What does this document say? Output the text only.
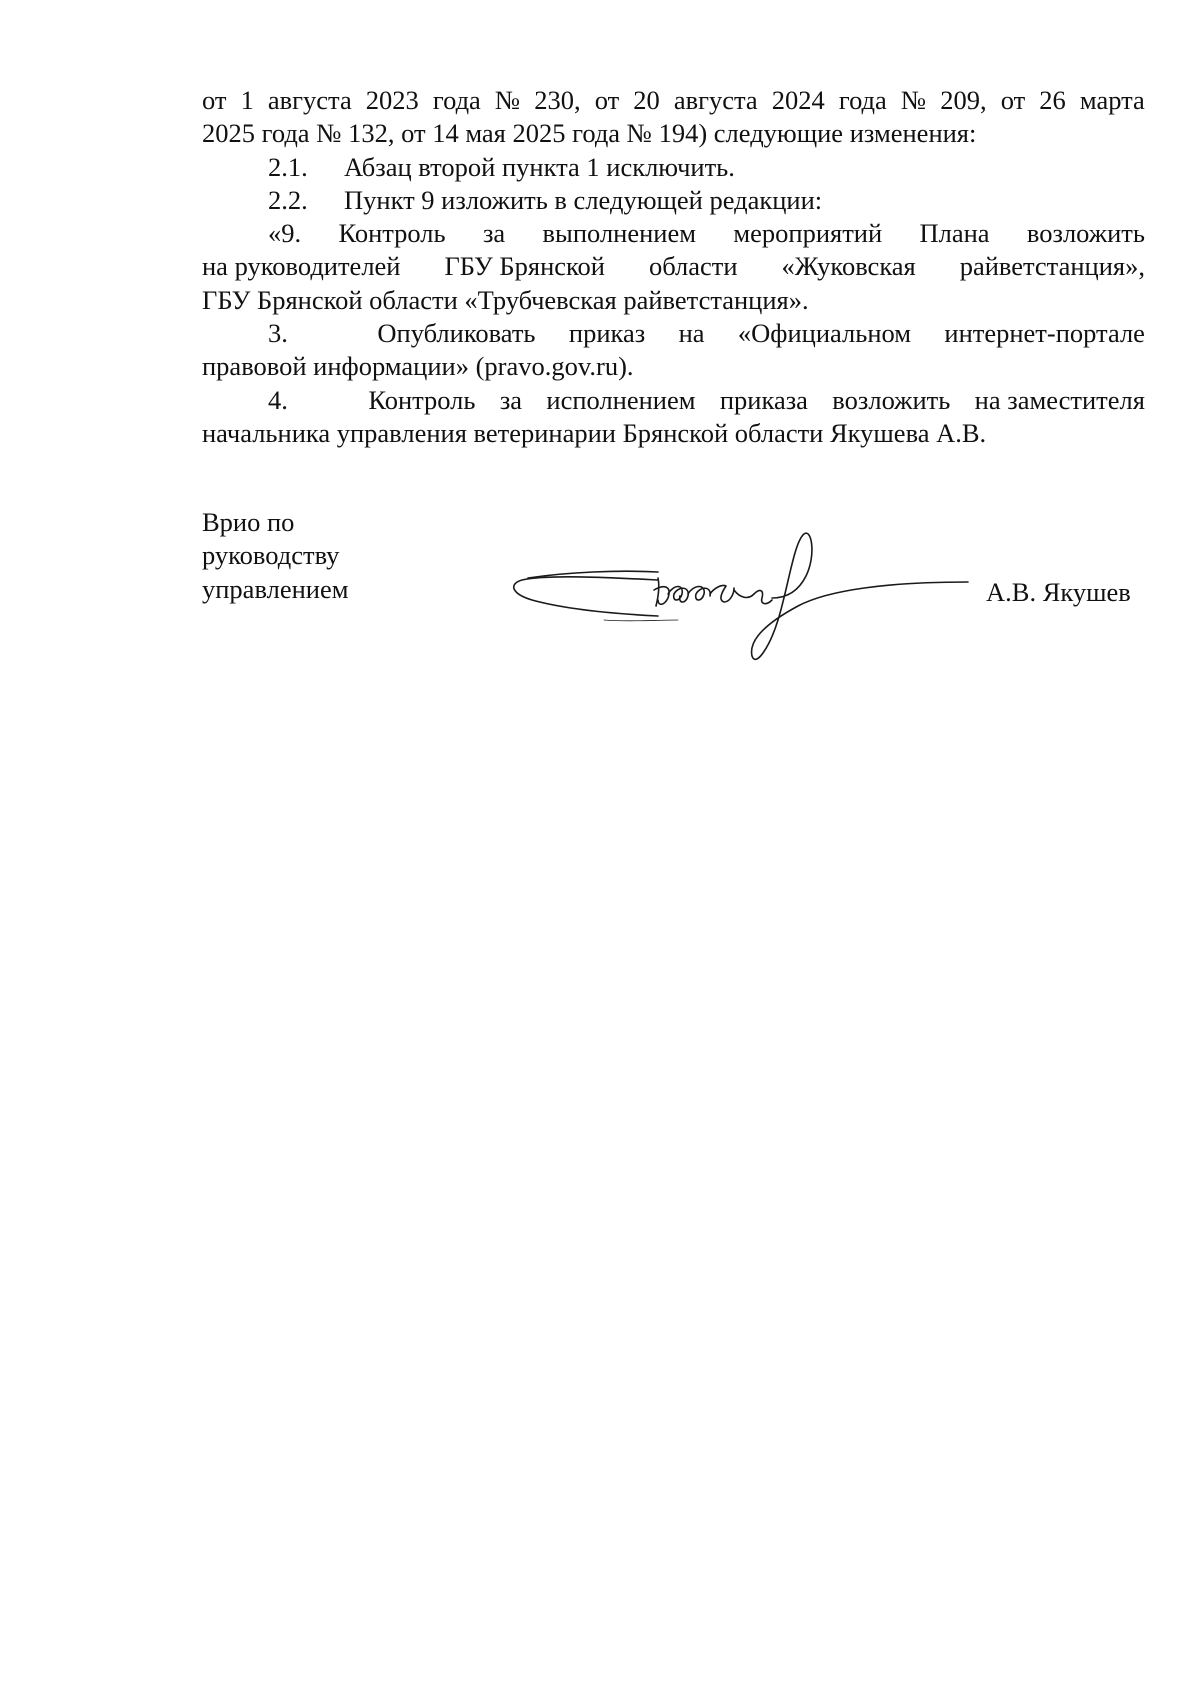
от 1 августа 2023 года № 230, от 20 августа 2024 года № 209, от 26 марта
2025 года № 132, от 14 мая 2025 года № 194) следующие изменения:
2.1. Абзац второй пункта 1 исключить.
2.2. Пункт 9 изложить в следующей редакции:
«9. Контроль за выполнением мероприятий Плана возложить
на руководителей ГБУ Брянской области «Жуковская райветстанция»,
ГБУ Брянской области «Трубчевская райветстанция».
3.	Опубликовать приказ на «Официальном интернет-портале
правовой информации» (pravo.gov.ru).
4.	Контроль за исполнением приказа возложить на заместителя
начальника управления ветеринарии Брянской области Якушева А.В.
Врио по
руководству
управлением	А.В. Якушев
